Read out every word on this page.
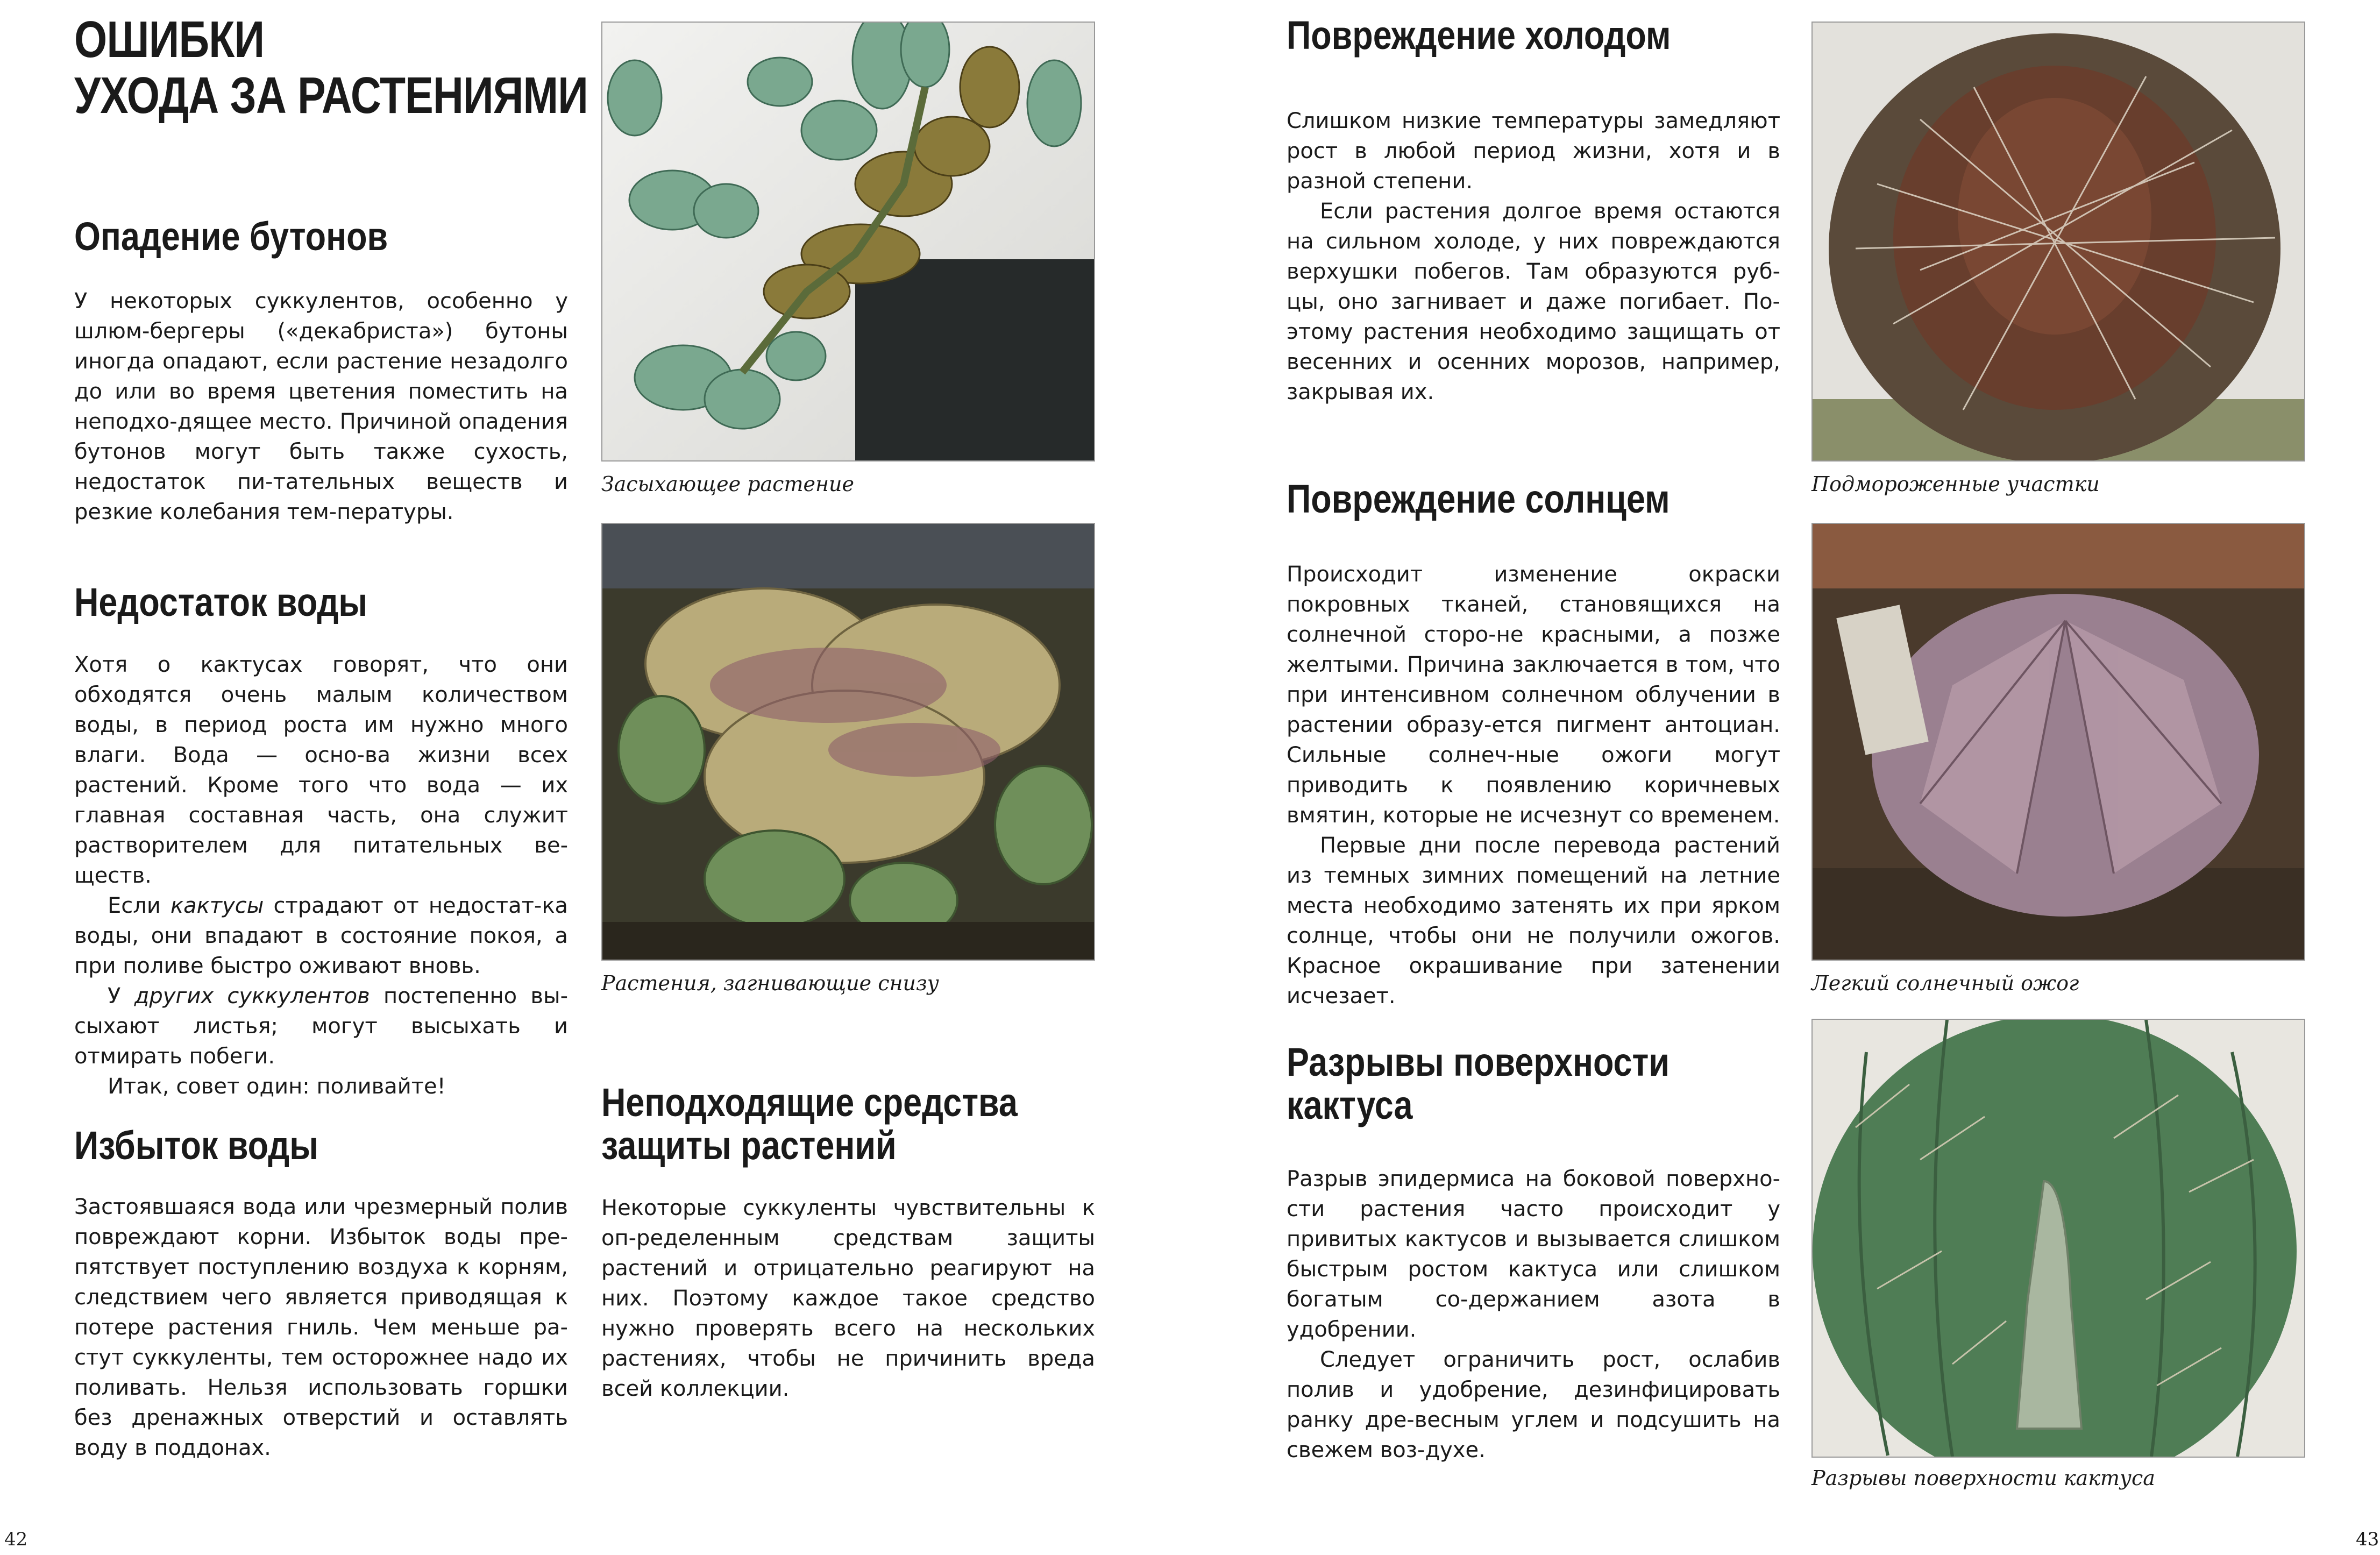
ОШИБКИ
УХОДА ЗА РАСТЕНИЯМИ
Опадение бутонов

У некоторых суккулентов, особенно у шлюм-бергеры («декабриста») бутоны иногда опадают, если растение незадолго до или во время цветения поместить на неподхо-дящее место. Причиной опадения бутонов могут быть также сухость, недостаток пи-тательных веществ и резкие колебания тем-пературы.

Недостаток воды

Хотя о кактусах говорят, что они обходятся очень малым количеством воды, в период роста им нужно много влаги. Вода — осно-ва жизни всех растений. Кроме того что вода — их главная составная часть, она служит растворителем для питательных ве-ществ.

Если кактусы страдают от недостат-ка воды, они впадают в состояние покоя, а при поливе быстро оживают вновь.

У других суккулентов постепенно вы-сыхают листья; могут высыхать и отмирать побеги.

Итак, совет один: поливайте!

Избыток воды

Застоявшаяся вода или чрезмерный полив повреждают корни. Избыток воды пре-пятствует поступлению воздуха к корням, следствием чего является приводящая к потере растения гниль. Чем меньше ра-стут суккуленты, тем осторожнее надо их поливать. Нельзя использовать горшки без дренажных отверстий и оставлять воду в поддонах.

Засыхающее растение
Растения, загнивающие снизу
Неподходящие средства
защиты растений

Некоторые суккуленты чувствительны к оп-ределенным средствам защиты растений и отрицательно реагируют на них. Поэтому каждое такое средство нужно проверять всего на нескольких растениях, чтобы не причинить вреда всей коллекции.

42
Повреждение холодом

Слишком низкие температуры замедляют рост в любой период жизни, хотя и в разной степени.

Если растения долгое время остаются на сильном холоде, у них повреждаются верхушки побегов. Там образуются руб-цы, оно загнивает и даже погибает. По-этому растения необходимо защищать от весенних и осенних морозов, например, закрывая их.

Повреждение солнцем

Происходит изменение окраски покровных тканей, становящихся на солнечной сторо-не красными, а позже желтыми. Причина заключается в том, что при интенсивном солнечном облучении в растении образу-ется пигмент антоциан. Сильные солнеч-ные ожоги могут приводить к появлению коричневых вмятин, которые не исчезнут со временем.

Первые дни после перевода растений из темных зимних помещений на летние места необходимо затенять их при ярком солнце, чтобы они не получили ожогов. Красное окрашивание при затенении исчезает.

Разрывы поверхности
кактуса

Разрыв эпидермиса на боковой поверхно-сти растения часто происходит у привитых кактусов и вызывается слишком быстрым ростом кактуса или слишком богатым со-держанием азота в удобрении.

Следует ограничить рост, ослабив полив и удобрение, дезинфицировать ранку дре-весным углем и подсушить на свежем воз-духе.

Подмороженные участки
Легкий солнечный ожог
Разрывы поверхности кактуса
43
